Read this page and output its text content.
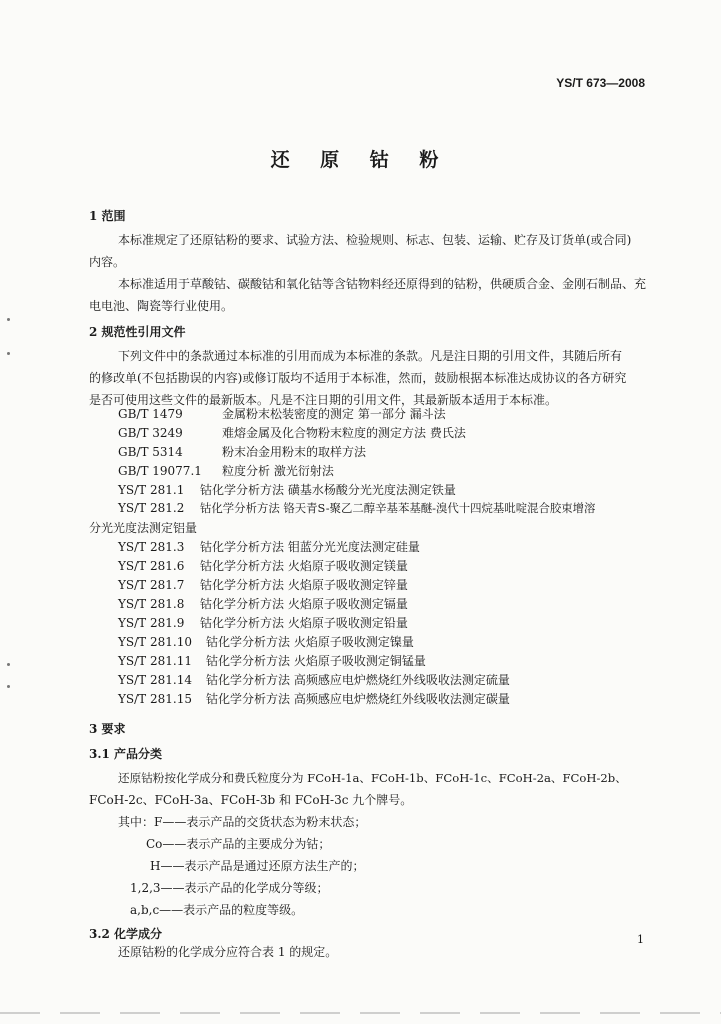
YS/T 673—2008
还 原 钴 粉
1 范围
本标准规定了还原钴粉的要求、试验方法、检验规则、标志、包装、运输、贮存及订货单(或合同)
内容。
本标准适用于草酸钴、碳酸钴和氧化钴等含钴物料经还原得到的钴粉，供硬质合金、金刚石制品、充
电电池、陶瓷等行业使用。
2 规范性引用文件
下列文件中的条款通过本标准的引用而成为本标准的条款。凡是注日期的引用文件，其随后所有
的修改单(不包括勘误的内容)或修订版均不适用于本标准，然而，鼓励根据本标准达成协议的各方研究
是否可使用这些文件的最新版本。凡是不注日期的引用文件，其最新版本适用于本标准。
GB/T 1479	金属粉末松装密度的测定 第一部分 漏斗法
GB/T 3249	难熔金属及化合物粉末粒度的测定方法 费氏法
GB/T 5314	粉末冶金用粉末的取样方法
GB/T 19077.1 粒度分析 激光衍射法
YS/T 281.1 钴化学分析方法 磺基水杨酸分光光度法测定铁量
YS/T 281.2 钴化学分析方法 铬天青S-聚乙二醇辛基苯基醚-溴代十四烷基吡啶混合胶束增溶
分光光度法测定铝量
YS/T 281.3 钴化学分析方法 钼蓝分光光度法测定硅量
YS/T 281.6 钴化学分析方法 火焰原子吸收测定镁量
YS/T 281.7 钴化学分析方法 火焰原子吸收测定锌量
YS/T 281.8 钴化学分析方法 火焰原子吸收测定镉量
YS/T 281.9 钴化学分析方法 火焰原子吸收测定铅量
YS/T 281.10 钴化学分析方法 火焰原子吸收测定镍量
YS/T 281.11 钴化学分析方法 火焰原子吸收测定铜锰量
YS/T 281.14 钴化学分析方法 高频感应电炉燃烧红外线吸收法测定硫量
YS/T 281.15 钴化学分析方法 高频感应电炉燃烧红外线吸收法测定碳量
3 要求
3.1 产品分类
还原钴粉按化学成分和费氏粒度分为 FCoH-1a、FCoH-1b、FCoH-1c、FCoH-2a、FCoH-2b、
FCoH-2c、FCoH-3a、FCoH-3b 和 FCoH-3c 九个牌号。
其中：F——表示产品的交货状态为粉末状态；
Co——表示产品的主要成分为钴；
H——表示产品是通过还原方法生产的；
1,2,3——表示产品的化学成分等级；
a,b,c——表示产品的粒度等级。
3.2 化学成分
还原钴粉的化学成分应符合表 1 的规定。
1
